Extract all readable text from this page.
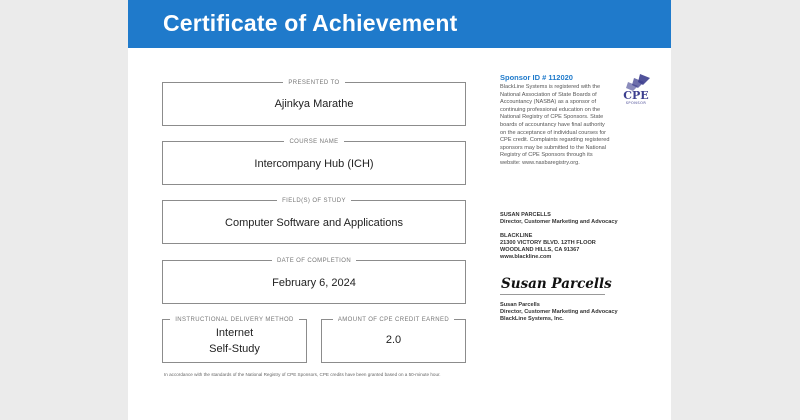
Certificate of Achievement
PRESENTED TO
Ajinkya Marathe
COURSE NAME
Intercompany Hub (ICH)
FIELD(S) OF STUDY
Computer Software and Applications
DATE OF COMPLETION
February 6, 2024
INSTRUCTIONAL DELIVERY METHOD
Internet
Self-Study
AMOUNT OF CPE CREDIT EARNED
2.0
In accordance with the standards of the National Registry of CPE Sponsors, CPE credits have been granted based on a 50-minute hour.
Sponsor ID # 112020
BlackLine Systems is registered with the National Association of State Boards of Accountancy (NASBA) as a sponsor of continuing professional education on the National Registry of CPE Sponsors. State boards of accountancy have final authority on the acceptance of individual courses for CPE credit. Complaints regarding registered sponsors may be submitted to the National Registry of CPE Sponsors through its website: www.nasbaregistry.org.
CPE
SPONSOR
SUSAN PARCELLS
Director, Customer Marketing and Advocacy
BLACKLINE
21300 VICTORY BLVD. 12TH FLOOR
WOODLAND HILLS, CA 91367
www.blackline.com
Susan Parcells
Susan Parcells
Director, Customer Marketing and Advocacy
BlackLine Systems, Inc.
